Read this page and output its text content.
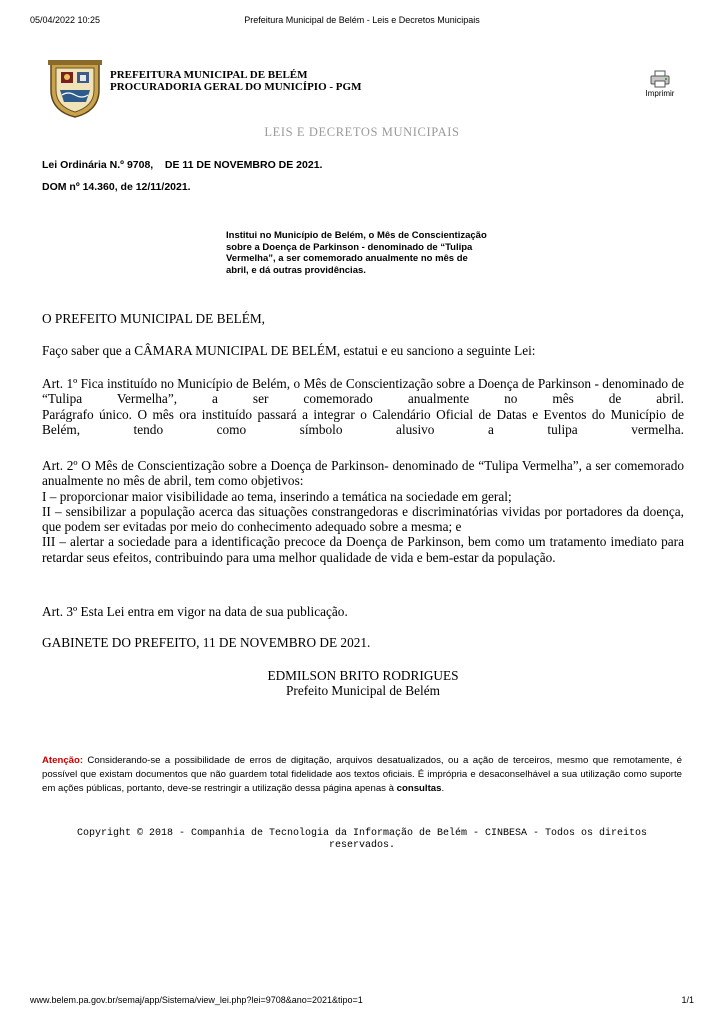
Prefeitura Municipal de Belém - Leis e Decretos Municipais
05/04/2022 10:25
PREFEITURA MUNICIPAL DE BELÉM
PROCURADORIA GERAL DO MUNICÍPIO - PGM
Imprimir
LEIS E DECRETOS MUNICIPAIS
Lei Ordinária N.º 9708, DE 11 DE NOVEMBRO DE 2021.
DOM nº 14.360, de 12/11/2021.
Institui no Município de Belém, o Mês de Conscientização sobre a Doença de Parkinson - denominado de “Tulipa Vermelha”, a ser comemorado anualmente no mês de abril, e dá outras providências.

O PREFEITO MUNICIPAL DE BELÉM,

Faço saber que a CÂMARA MUNICIPAL DE BELÉM, estatui e eu sanciono a seguinte Lei:

Art. 1º Fica instituído no Município de Belém, o Mês de Conscientização sobre a Doença de Parkinson - denominado de “Tulipa Vermelha”, a ser comemorado anualmente no mês de abril.

Parágrafo único. O mês ora instituído passará a integrar o Calendário Oficial de Datas e Eventos do Município de Belém, tendo como símbolo alusivo a tulipa vermelha.

Art. 2º O Mês de Conscientização sobre a Doença de Parkinson- denominado de “Tulipa Vermelha”, a ser comemorado anualmente no mês de abril, tem como objetivos:

I – proporcionar maior visibilidade ao tema, inserindo a temática na sociedade em geral;

II – sensibilizar a população acerca das situações constrangedoras e discriminatórias vividas por portadores da doença, que podem ser evitadas por meio do conhecimento adequado sobre a mesma; e

III – alertar a sociedade para a identificação precoce da Doença de Parkinson, bem como um tratamento imediato para retardar seus efeitos, contribuindo para uma melhor qualidade de vida e bem-estar da população.

Art. 3º Esta Lei entra em vigor na data de sua publicação.

GABINETE DO PREFEITO, 11 DE NOVEMBRO DE 2021.

EDMILSON BRITO RODRIGUES
Prefeito Municipal de Belém
Atenção: Considerando-se a possibilidade de erros de digitação, arquivos desatualizados, ou a ação de terceiros, mesmo que remotamente, é possível que existam documentos que não guardem total fidelidade aos textos oficiais. É imprópria e desaconselhável a sua utilização como suporte em ações públicas, portanto, deve-se restringir a utilização dessa página apenas à consultas.
Copyright © 2018 - Companhia de Tecnologia da Informação de Belém - CINBESA - Todos os direitos reservados.
www.belem.pa.gov.br/semaj/app/Sistema/view_lei.php?lei=9708&ano=2021&tipo=1	1/1
